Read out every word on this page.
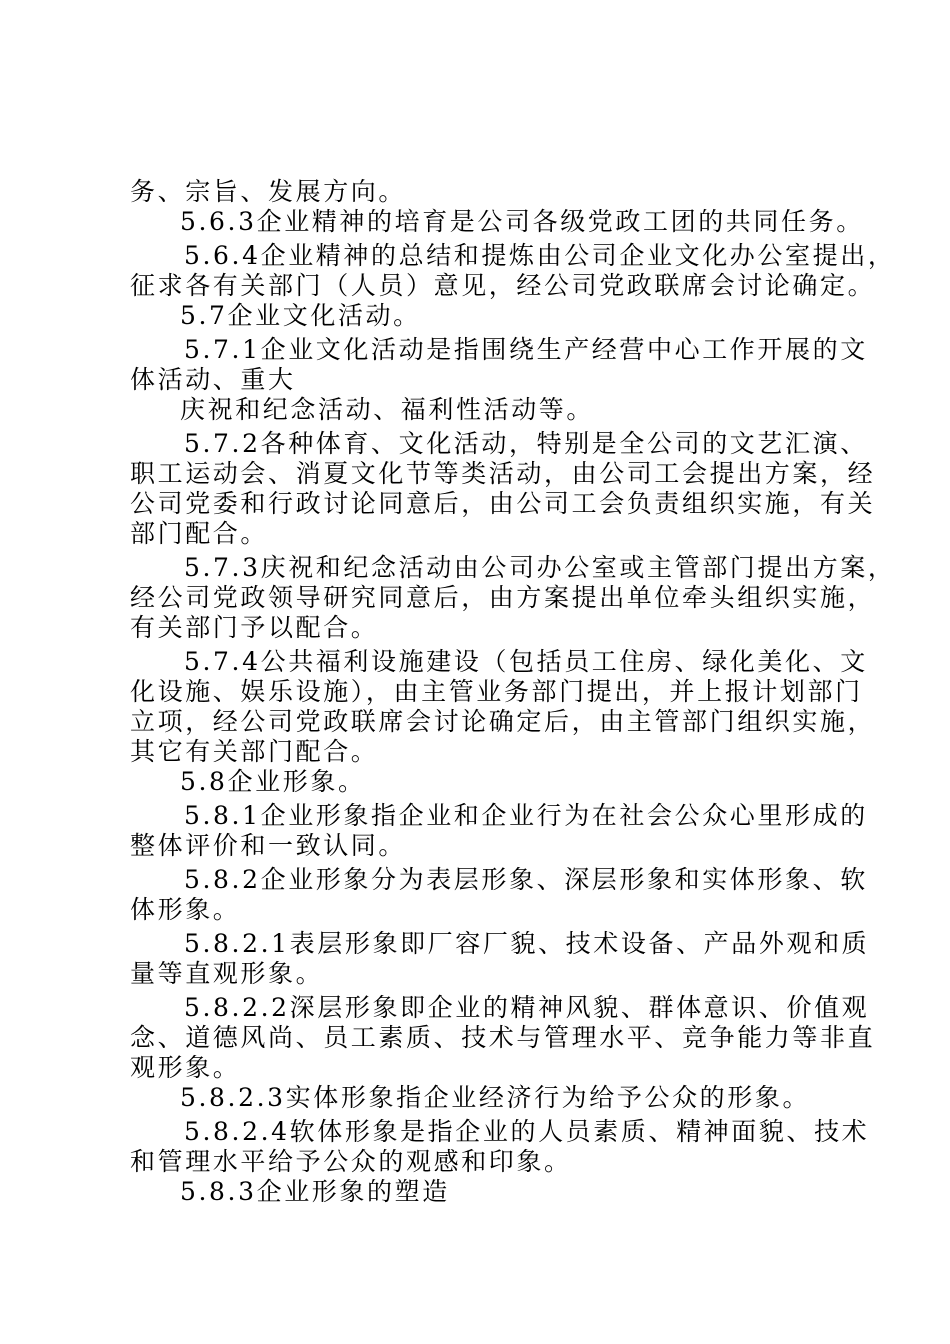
务、宗旨、发展方向。

5.6.3企业精神的培育是公司各级党政工团的共同任务。

5.6.4企业精神的总结和提炼由公司企业文化办公室提出，

征求各有关部门（人员）意见，经公司党政联席会讨论确定。

5.7企业文化活动。

5.7.1企业文化活动是指围绕生产经营中心工作开展的文

体活动、重大

庆祝和纪念活动、福利性活动等。

5.7.2各种体育、文化活动，特别是全公司的文艺汇演、

职工运动会、消夏文化节等类活动，由公司工会提出方案，经

公司党委和行政讨论同意后，由公司工会负责组织实施，有关

部门配合。

5.7.3庆祝和纪念活动由公司办公室或主管部门提出方案，

经公司党政领导研究同意后，由方案提出单位牵头组织实施，

有关部门予以配合。

5.7.4公共福利设施建设（包括员工住房、绿化美化、文

化设施、娱乐设施），由主管业务部门提出，并上报计划部门

立项，经公司党政联席会讨论确定后，由主管部门组织实施，

其它有关部门配合。

5.8企业形象。

5.8.1企业形象指企业和企业行为在社会公众心里形成的

整体评价和一致认同。

5.8.2企业形象分为表层形象、深层形象和实体形象、软

体形象。

5.8.2.1表层形象即厂容厂貌、技术设备、产品外观和质

量等直观形象。

5.8.2.2深层形象即企业的精神风貌、群体意识、价值观

念、道德风尚、员工素质、技术与管理水平、竞争能力等非直

观形象。

5.8.2.3实体形象指企业经济行为给予公众的形象。

5.8.2.4软体形象是指企业的人员素质、精神面貌、技术

和管理水平给予公众的观感和印象。

5.8.3企业形象的塑造
